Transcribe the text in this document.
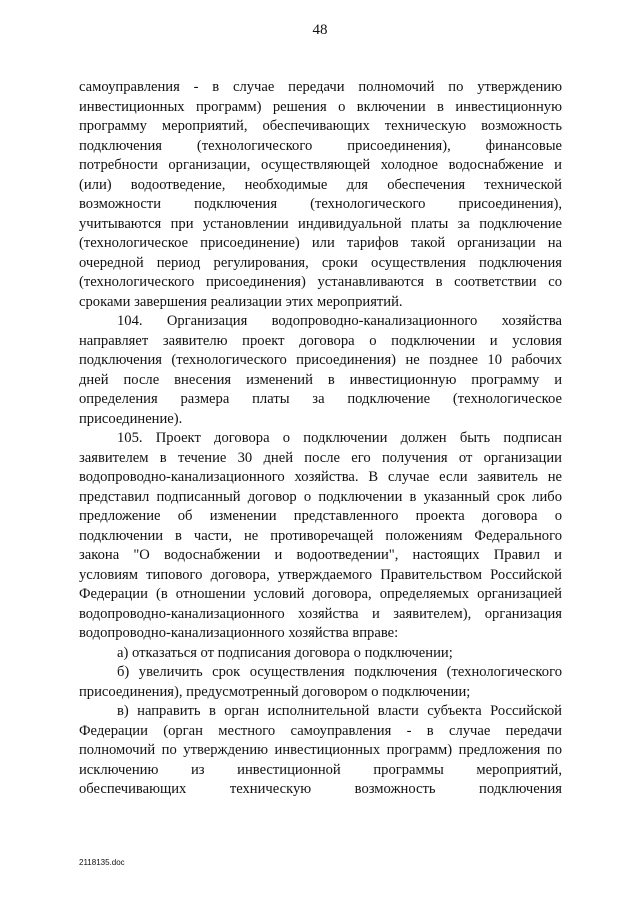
48
самоуправления - в случае передачи полномочий по утверждению
инвестиционных программ) решения о включении в инвестиционную
программу мероприятий, обеспечивающих техническую возможность
подключения (технологического присоединения), финансовые
потребности организации, осуществляющей холодное водоснабжение и
(или) водоотведение, необходимые для обеспечения технической
возможности подключения (технологического присоединения),
учитываются при установлении индивидуальной платы за подключение
(технологическое присоединение) или тарифов такой организации на
очередной период регулирования, сроки осуществления подключения
(технологического присоединения) устанавливаются в соответствии со
сроками завершения реализации этих мероприятий.
104. Организация водопроводно-канализационного хозяйства
направляет заявителю проект договора о подключении и условия
подключения (технологического присоединения) не позднее 10 рабочих
дней после внесения изменений в инвестиционную программу и
определения размера платы за подключение (технологическое
присоединение).
105. Проект договора о подключении должен быть подписан
заявителем в течение 30 дней после его получения от организации
водопроводно-канализационного хозяйства. В случае если заявитель не
представил подписанный договор о подключении в указанный срок либо
предложение об изменении представленного проекта договора о
подключении в части, не противоречащей положениям Федерального
закона "О водоснабжении и водоотведении", настоящих Правил и
условиям типового договора, утверждаемого Правительством Российской
Федерации (в отношении условий договора, определяемых организацией
водопроводно-канализационного хозяйства и заявителем), организация
водопроводно-канализационного хозяйства вправе:
а) отказаться от подписания договора о подключении;
б) увеличить срок осуществления подключения (технологического
присоединения), предусмотренный договором о подключении;
в) направить в орган исполнительной власти субъекта Российской
Федерации (орган местного самоуправления - в случае передачи
полномочий по утверждению инвестиционных программ) предложения по
исключению из инвестиционной программы мероприятий,
обеспечивающих техническую возможность подключения
2118135.doc
